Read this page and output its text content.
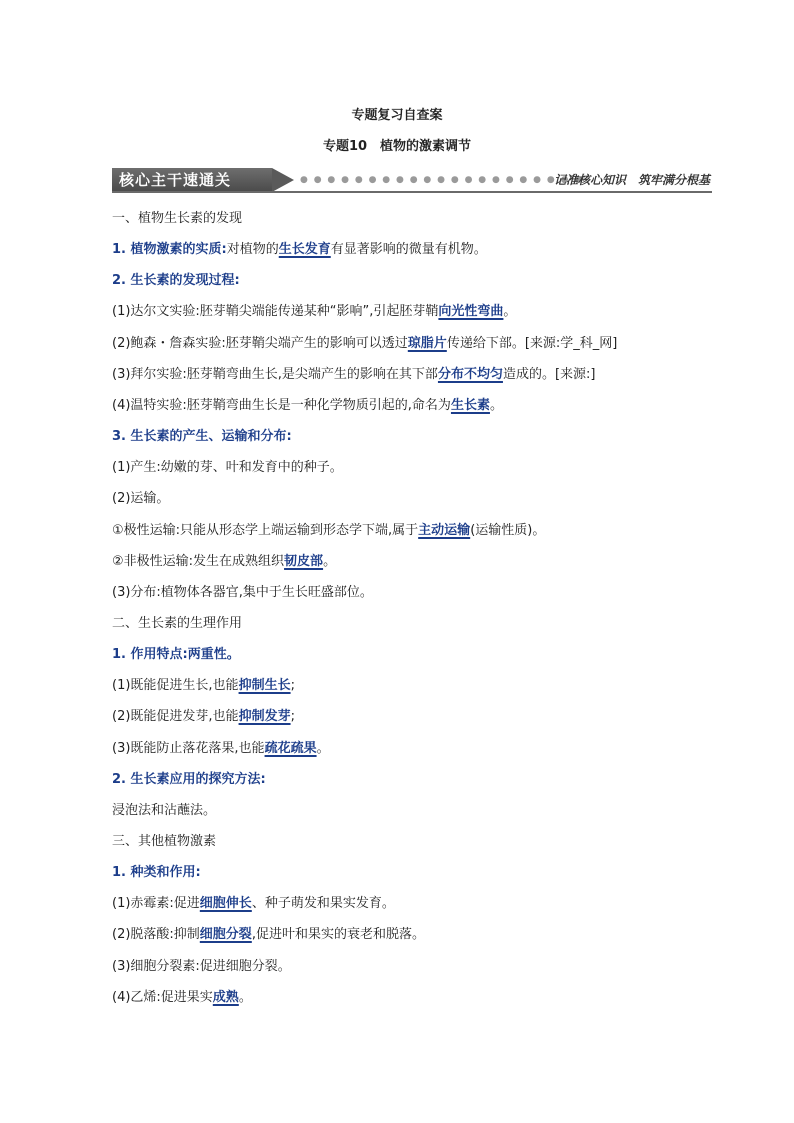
专题复习自查案
专题10　植物的激素调节
核心主干速通关	● ● ● ● ● ● ● ● ● ● ● ● ● ● ● ● ● ● ● ● ●
记准核心知识　筑牢满分根基
一、植物生长素的发现
1. 植物激素的实质:对植物的生长发育有显著影响的微量有机物。
2. 生长素的发现过程:
(1)达尔文实验:胚芽鞘尖端能传递某种“影响”,引起胚芽鞘向光性弯曲。
(2)鲍森・詹森实验:胚芽鞘尖端产生的影响可以透过琼脂片传递给下部。[来源:学_科_网]
(3)拜尔实验:胚芽鞘弯曲生长,是尖端产生的影响在其下部分布不均匀造成的。[来源:]
(4)温特实验:胚芽鞘弯曲生长是一种化学物质引起的,命名为生长素。
3. 生长素的产生、运输和分布:
(1)产生:幼嫩的芽、叶和发育中的种子。
(2)运输。
①极性运输:只能从形态学上端运输到形态学下端,属于主动运输(运输性质)。
②非极性运输:发生在成熟组织韧皮部。
(3)分布:植物体各器官,集中于生长旺盛部位。
二、生长素的生理作用
1. 作用特点:两重性。
(1)既能促进生长,也能抑制生长;
(2)既能促进发芽,也能抑制发芽;
(3)既能防止落花落果,也能疏花疏果。
2. 生长素应用的探究方法:
浸泡法和沾蘸法。
三、其他植物激素
1. 种类和作用:
(1)赤霉素:促进细胞伸长、种子萌发和果实发育。
(2)脱落酸:抑制细胞分裂,促进叶和果实的衰老和脱落。
(3)细胞分裂素:促进细胞分裂。
(4)乙烯:促进果实成熟。
